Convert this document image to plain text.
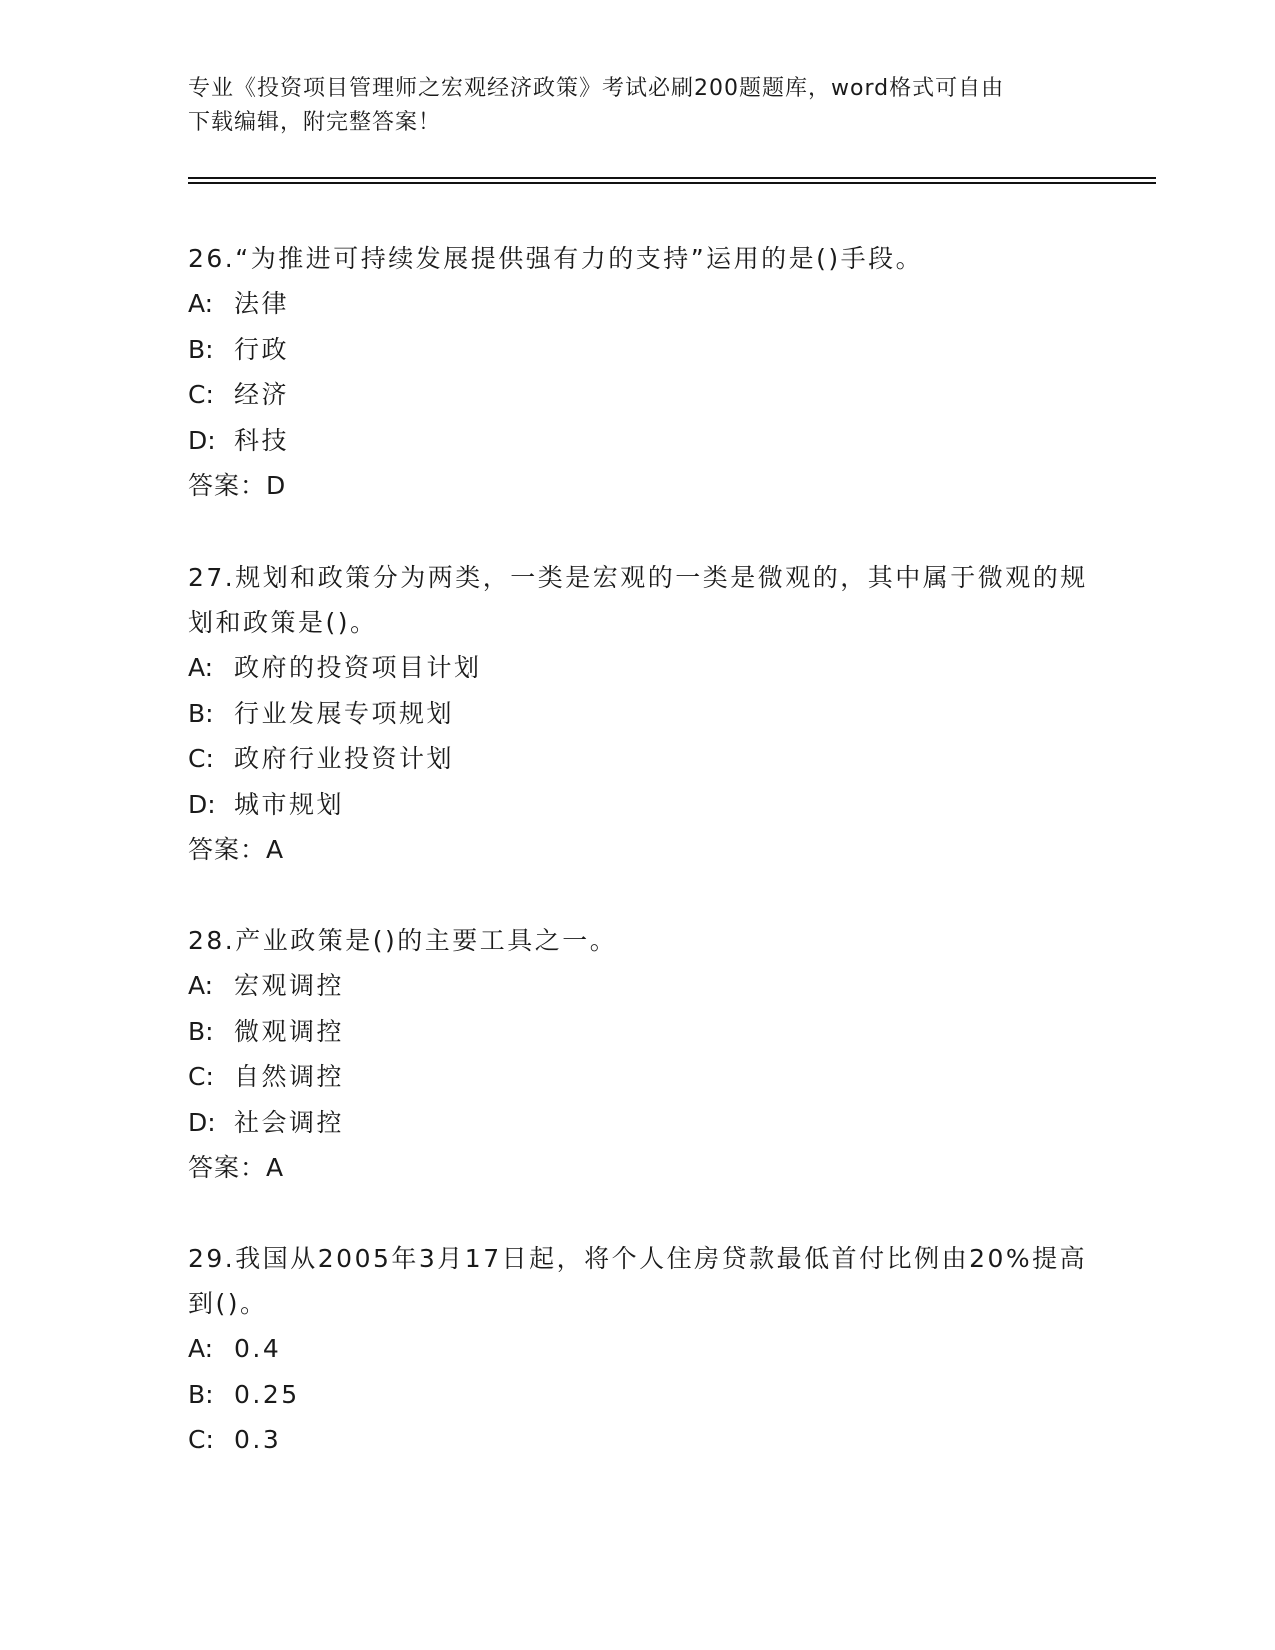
专业《投资项目管理师之宏观经济政策》考试必刷200题题库，word格式可自由
下载编辑，附完整答案！

26.“为推进可持续发展提供强有力的支持”运用的是()手段。

A: 法律

B: 行政

C: 经济

D: 科技

答案：D

27.规划和政策分为两类，一类是宏观的一类是微观的，其中属于微观的规划和政策是()。

A: 政府的投资项目计划

B: 行业发展专项规划

C: 政府行业投资计划

D: 城市规划

答案：A

28.产业政策是()的主要工具之一。

A: 宏观调控

B: 微观调控

C: 自然调控

D: 社会调控

答案：A

29.我国从2005年3月17日起，将个人住房贷款最低首付比例由20%提高到()。

A: 0.4

B: 0.25

C: 0.3
